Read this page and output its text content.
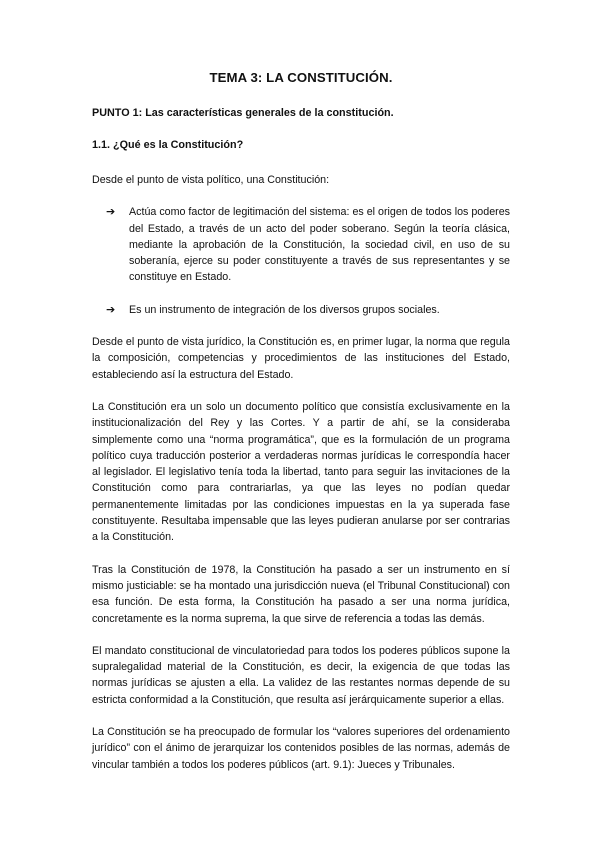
TEMA 3: LA CONSTITUCIÓN.
PUNTO 1: Las características generales de la constitución.
1.1. ¿Qué es la Constitución?

Desde el punto de vista político, una Constitución:

➔ Actúa como factor de legitimación del sistema: es el origen de todos los poderes del Estado, a través de un acto del poder soberano. Según la teoría clásica, mediante la aprobación de la Constitución, la sociedad civil, en uso de su soberanía, ejerce su poder constituyente a través de sus representantes y se constituye en Estado.
➔ Es un instrumento de integración de los diversos grupos sociales.

Desde el punto de vista jurídico, la Constitución es, en primer lugar, la norma que regula la composición, competencias y procedimientos de las instituciones del Estado, estableciendo así la estructura del Estado.

La Constitución era un solo un documento político que consistía exclusivamente en la institucionalización del Rey y las Cortes. Y a partir de ahí, se la consideraba simplemente como una “norma programática”, que es la formulación de un programa político cuya traducción posterior a verdaderas normas jurídicas le correspondía hacer al legislador. El legislativo tenía toda la libertad, tanto para seguir las invitaciones de la Constitución como para contrariarlas, ya que las leyes no podían quedar permanentemente limitadas por las condiciones impuestas en la ya superada fase constituyente. Resultaba impensable que las leyes pudieran anularse por ser contrarias a la Constitución.

Tras la Constitución de 1978, la Constitución ha pasado a ser un instrumento en sí mismo justiciable: se ha montado una jurisdicción nueva (el Tribunal Constitucional) con esa función. De esta forma, la Constitución ha pasado a ser una norma jurídica, concretamente es la norma suprema, la que sirve de referencia a todas las demás.

El mandato constitucional de vinculatoriedad para todos los poderes públicos supone la supralegalidad material de la Constitución, es decir, la exigencia de que todas las normas jurídicas se ajusten a ella. La validez de las restantes normas depende de su estricta conformidad a la Constitución, que resulta así jerárquicamente superior a ellas.

La Constitución se ha preocupado de formular los “valores superiores del ordenamiento jurídico” con el ánimo de jerarquizar los contenidos posibles de las normas, además de vincular también a todos los poderes públicos (art. 9.1): Jueces y Tribunales.
